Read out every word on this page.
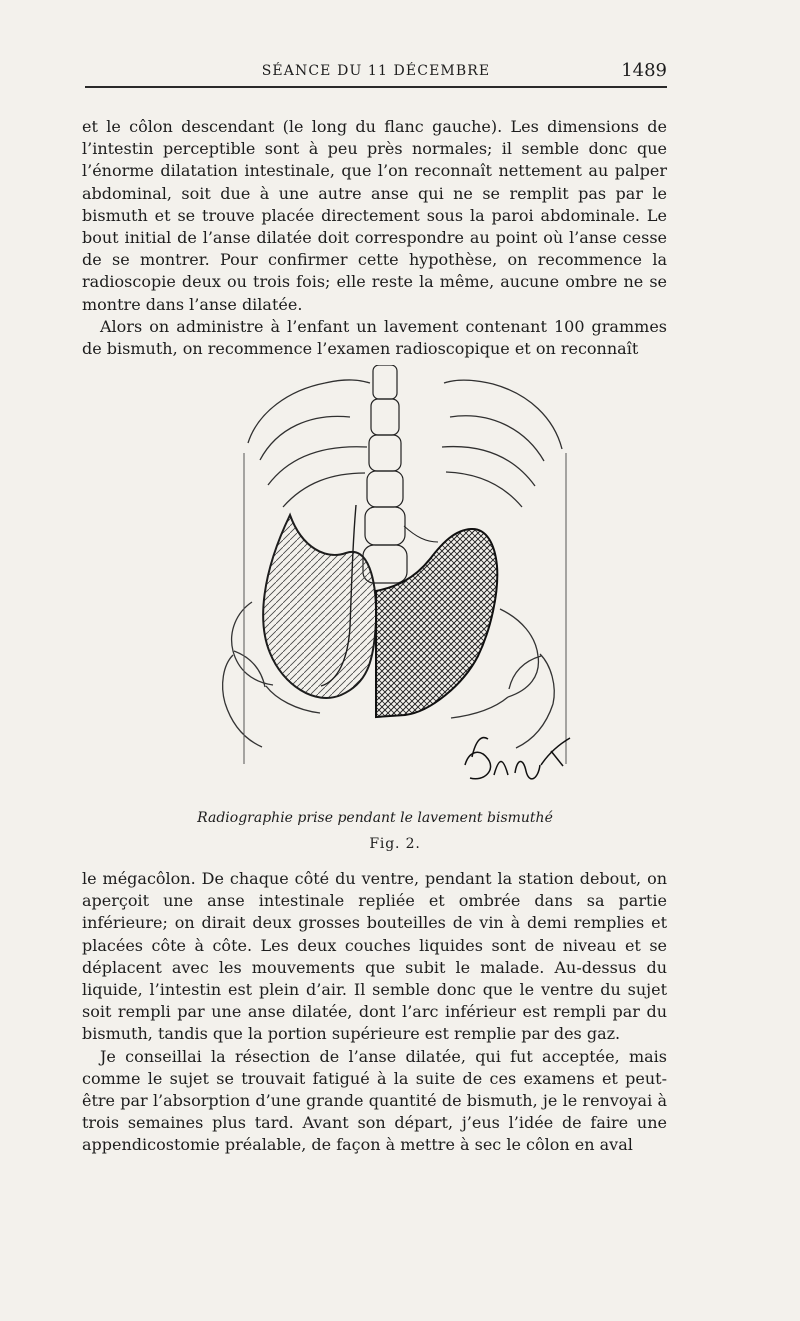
SÉANCE DU 11 DÉCEMBRE	1489

et le côlon descendant (le long du flanc gauche). Les dimensions de l’intestin perceptible sont à peu près normales; il semble donc que l’énorme dilatation intestinale, que l’on reconnaît nettement au palper abdominal, soit due à une autre anse qui ne se remplit pas par le bismuth et se trouve placée directement sous la paroi abdominale. Le bout initial de l’anse dilatée doit correspondre au point où l’anse cesse de se montrer. Pour confirmer cette hypothèse, on recommence la radioscopie deux ou trois fois; elle reste la même, aucune ombre ne se montre dans l’anse dilatée.

Alors on administre à l’enfant un lavement contenant 100 grammes de bismuth, on recommence l’examen radioscopique et on reconnaît

Radiographie prise pendant le lavement bismuthé
Fig. 2.

le mégacôlon. De chaque côté du ventre, pendant la station debout, on aperçoit une anse intestinale repliée et ombrée dans sa partie inférieure; on dirait deux grosses bouteilles de vin à demi remplies et placées côte à côte. Les deux couches liquides sont de niveau et se déplacent avec les mouvements que subit le malade. Au-dessus du liquide, l’intestin est plein d’air. Il semble donc que le ventre du sujet soit rempli par une anse dilatée, dont l’arc inférieur est rempli par du bismuth, tandis que la portion supérieure est remplie par des gaz.

Je conseillai la résection de l’anse dilatée, qui fut acceptée, mais comme le sujet se trouvait fatigué à la suite de ces examens et peut-être par l’absorption d’une grande quantité de bismuth, je le renvoyai à trois semaines plus tard. Avant son départ, j’eus l’idée de faire une appendicostomie préalable, de façon à mettre à sec le côlon en aval
